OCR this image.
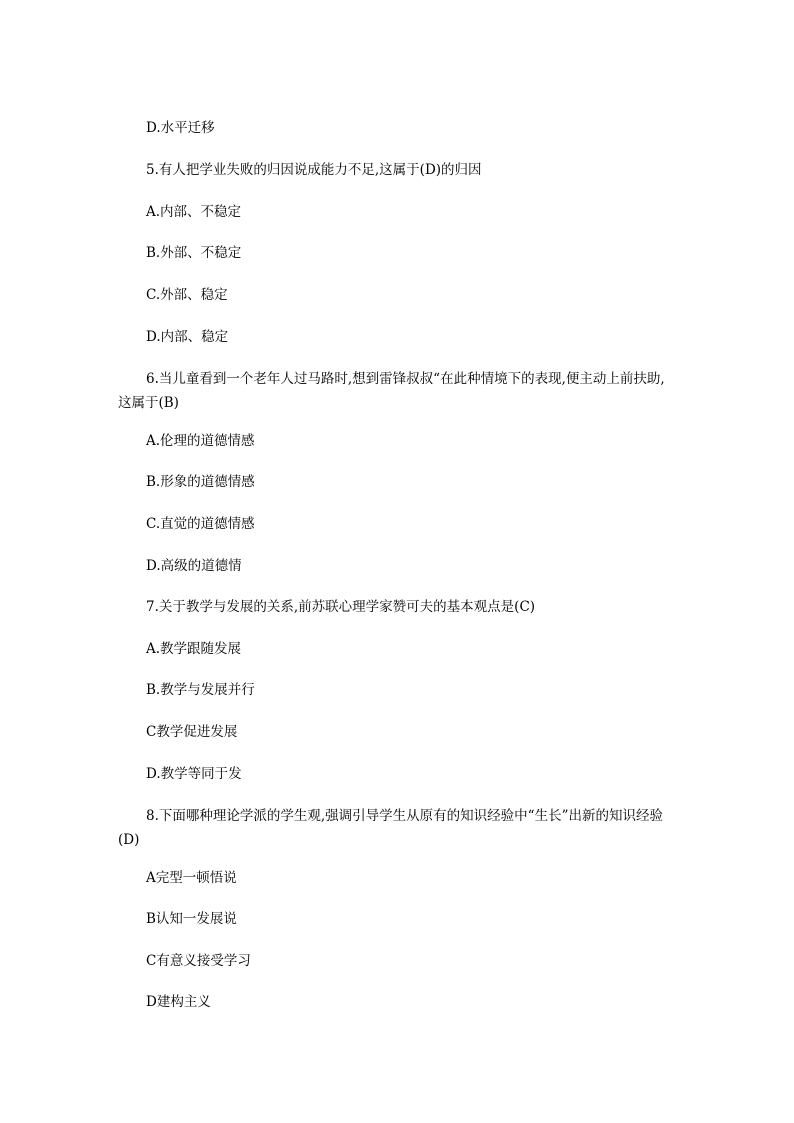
D.水平迁移
5.有人把学业失败的归因说成能力不足,这属于(D)的归因
A.内部、不稳定
B.外部、不稳定
C.外部、稳定
D.内部、稳定
6.当儿童看到一个老年人过马路时,想到雷锋叔叔“在此种情境下的表现,便主动上前扶助,这属于(B)
A.伦理的道德情感
B.形象的道德情感
C.直觉的道德情感
D.高级的道德情
7.关于教学与发展的关系,前苏联心理学家赞可夫的基本观点是(C)
A.教学跟随发展
B.教学与发展并行
C教学促进发展
D.教学等同于发
8.下面哪种理论学派的学生观,强调引导学生从原有的知识经验中“生长”出新的知识经验(D)
A完型一顿悟说
B认知一发展说
C有意义接受学习
D建构主义
